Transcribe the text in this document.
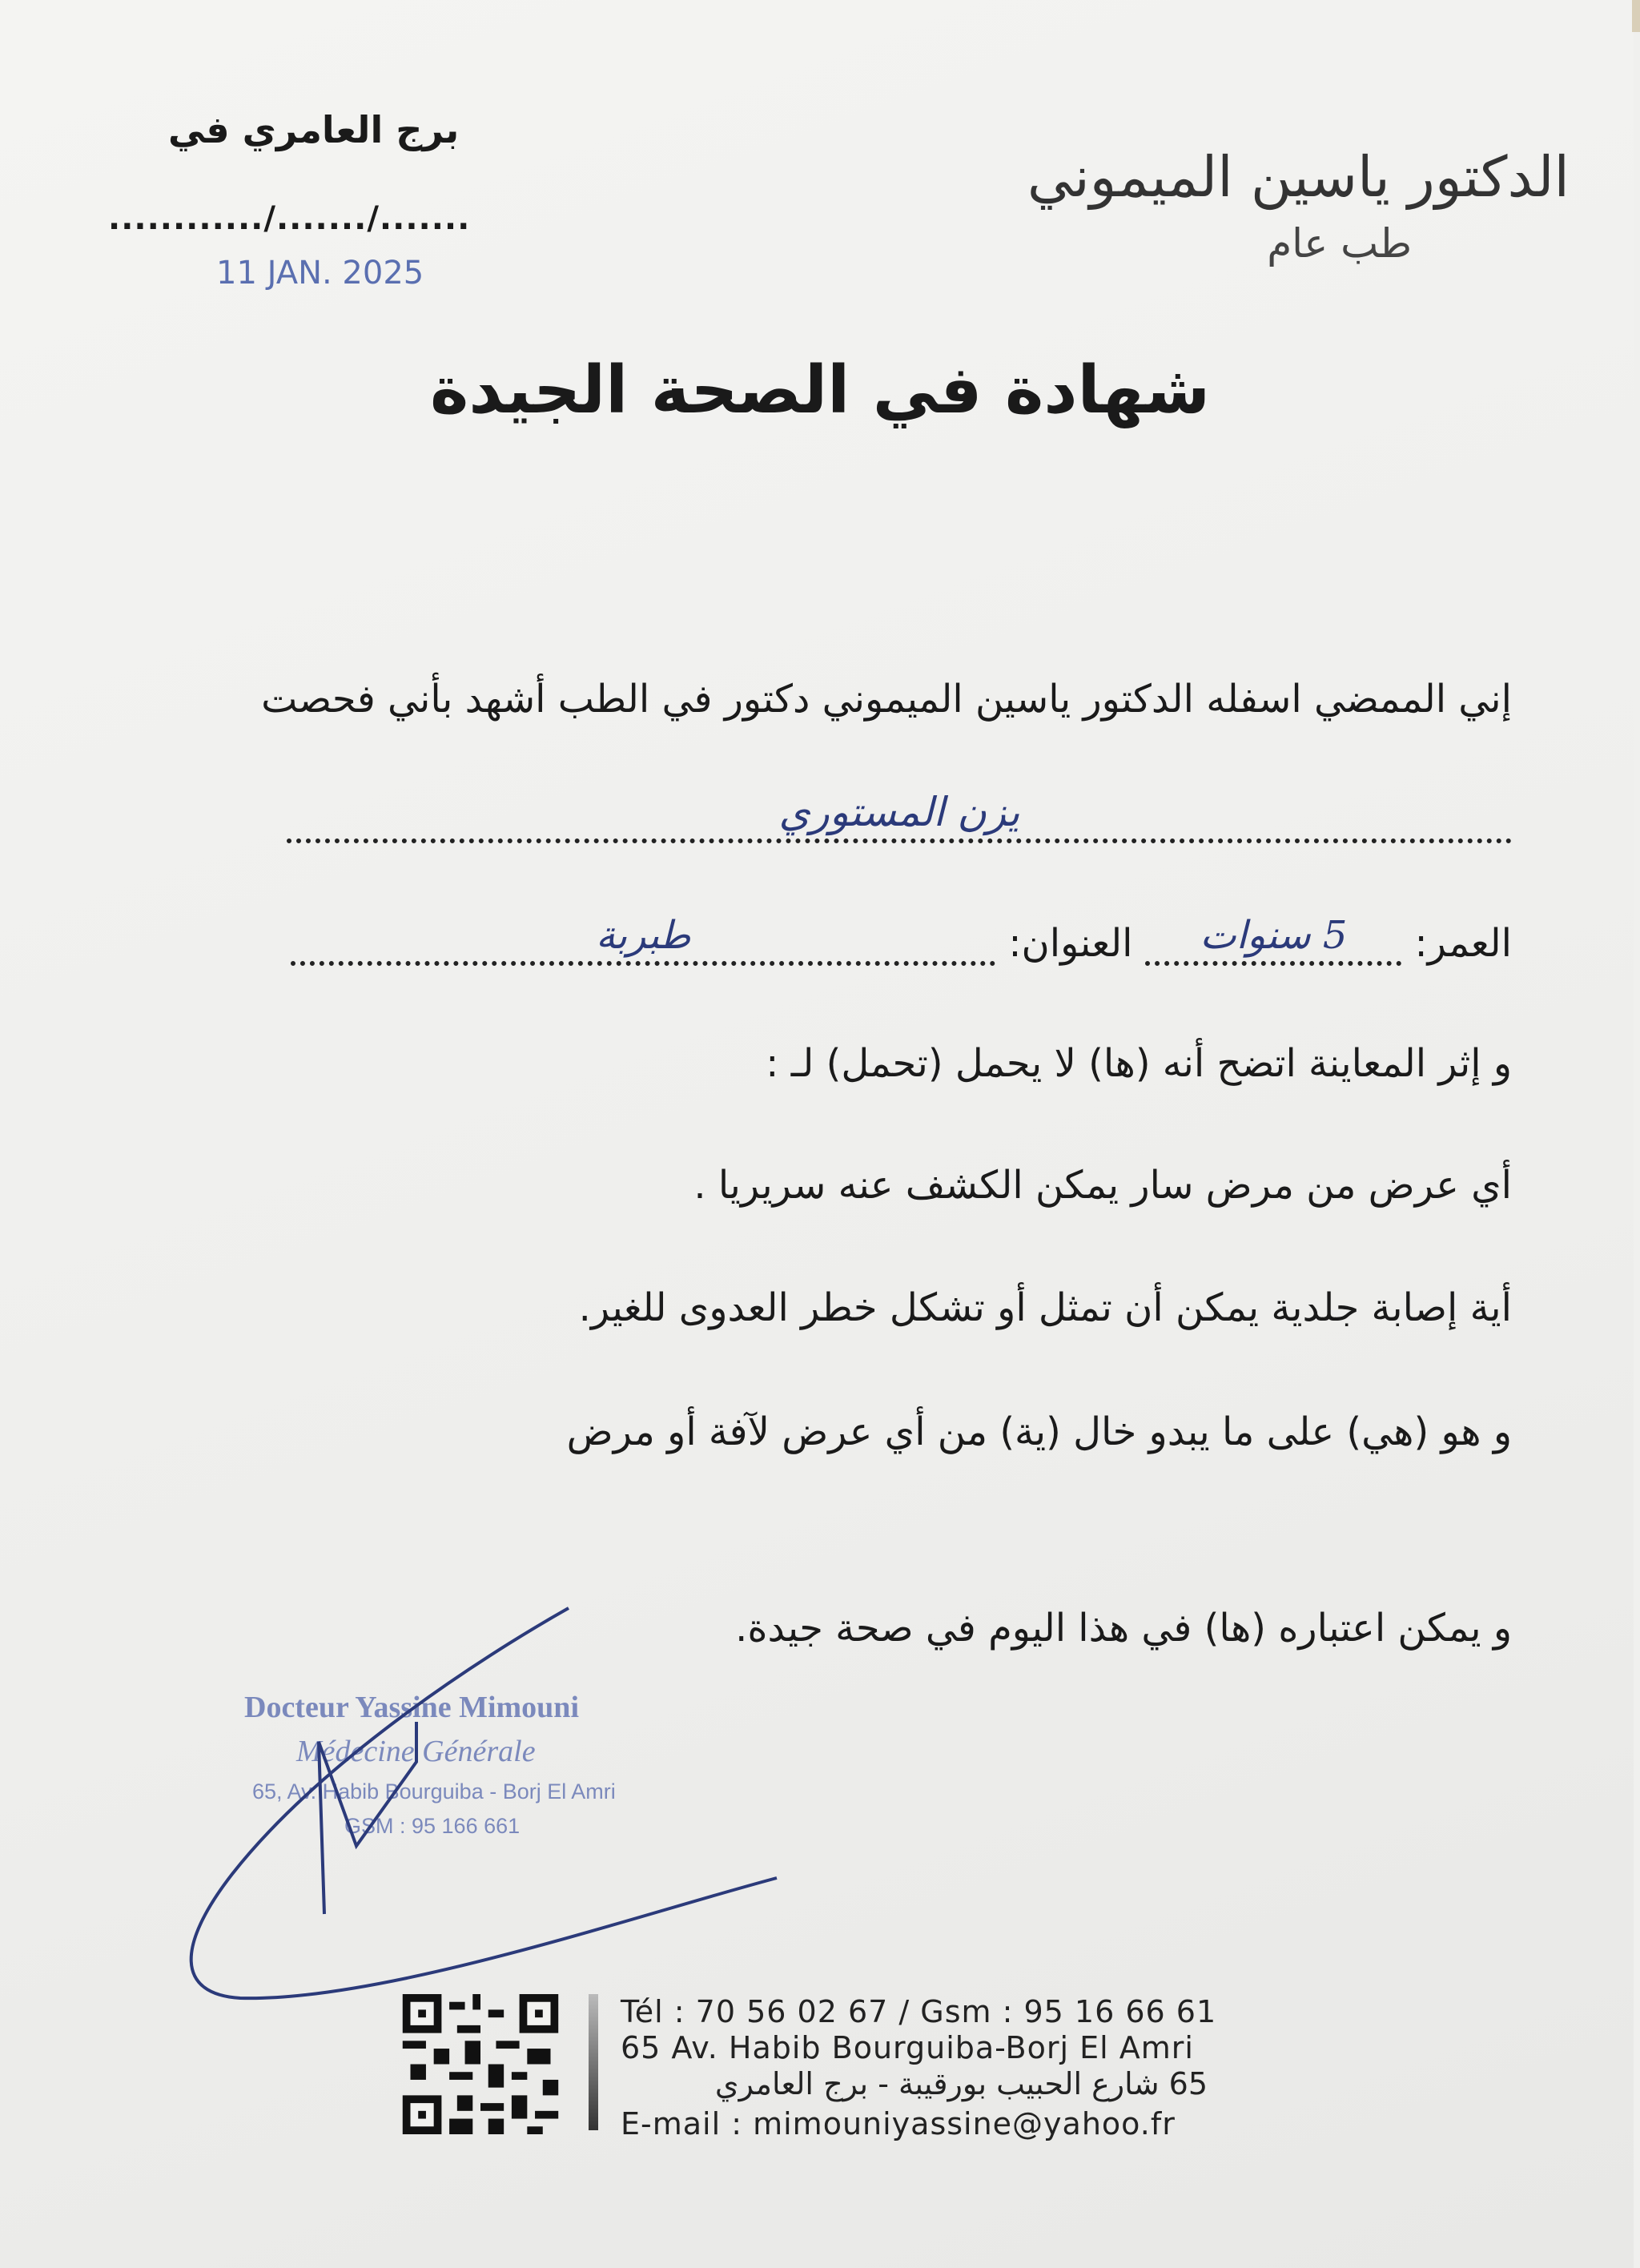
الدكتور ياسين الميموني
طب عام
برج العامري في
............/......./.......
11 JAN. 2025
شهادة في الصحة الجيدة
إني الممضي اسفله الدكتور ياسين الميموني دكتور في الطب أشهد بأني فحصت
يزن المستوري
العمر:
5 سنوات
العنوان:
طبربة
و إثر المعاينة اتضح أنه (ها) لا يحمل (تحمل) لـ :
أي عرض من مرض سار يمكن الكشف عنه سريريا .
أية إصابة جلدية يمكن أن تمثل أو تشكل خطر العدوى للغير.
و هو (هي) على ما يبدو خال (ية) من أي عرض لآفة أو مرض
و يمكن اعتباره (ها) في هذا اليوم في صحة جيدة.
Docteur Yassine Mimouni
Médecine Générale
65, Av. Habib Bourguiba - Borj El Amri
GSM : 95 166 661
Tél : 70 56 02 67 / Gsm : 95 16 66 61
65 Av. Habib Bourguiba-Borj El Amri
65 شارع الحبيب بورقيبة - برج العامري
E-mail : mimouniyassine@yahoo.fr
